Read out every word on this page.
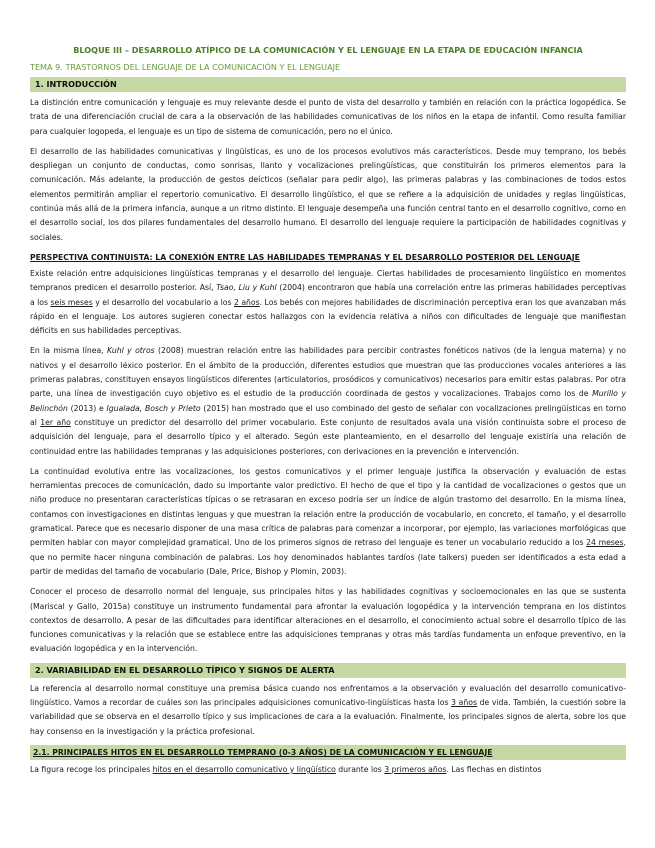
BLOQUE III – DESARROLLO ATÍPICO DE LA COMUNICACIÓN Y EL LENGUAJE EN LA ETAPA DE EDUCACIÓN INFANCIA
TEMA 9. TRASTORNOS DEL LENGUAJE DE LA COMUNICACIÓN Y EL LENGUAJE
1. INTRODUCCIÓN

La distinción entre comunicación y lenguaje es muy relevante desde el punto de vista del desarrollo y también en relación con la práctica logopédica. Se trata de una diferenciación crucial de cara a la observación de las habilidades comunicativas de los niños en la etapa de infantil. Como resulta familiar para cualquier logopeda, el lenguaje es un tipo de sistema de comunicación, pero no el único.

El desarrollo de las habilidades comunicativas y lingüísticas, es uno de los procesos evolutivos más característicos. Desde muy temprano, los bebés despliegan un conjunto de conductas, como sonrisas, llanto y vocalizaciones prelingüísticas, que constituirán los primeros elementos para la comunicación. Más adelante, la producción de gestos deícticos (señalar para pedir algo), las primeras palabras y las combinaciones de todos estos elementos permitirán ampliar el repertorio comunicativo. El desarrollo lingüístico, el que se refiere a la adquisición de unidades y reglas lingüísticas, continúa más allá de la primera infancia, aunque a un ritmo distinto. El lenguaje desempeña una función central tanto en el desarrollo cognitivo, como en el desarrollo social, los dos pilares fundamentales del desarrollo humano. El desarrollo del lenguaje requiere la participación de habilidades cognitivas y sociales.

PERSPECTIVA CONTINUISTA: LA CONEXIÓN ENTRE LAS HABILIDADES TEMPRANAS Y EL DESARROLLO POSTERIOR DEL LENGUAJE

Existe relación entre adquisiciones lingüísticas tempranas y el desarrollo del lenguaje. Ciertas habilidades de procesamiento lingüístico en momentos tempranos predicen el desarrollo posterior. Así, Tsao, Liu y Kuhl (2004) encontraron que había una correlación entre las primeras habilidades perceptivas a los seis meses y el desarrollo del vocabulario a los 2 años. Los bebés con mejores habilidades de discriminación perceptiva eran los que avanzaban más rápido en el lenguaje. Los autores sugieren conectar estos hallazgos con la evidencia relativa a niños con dificultades de lenguaje que manifiestan déficits en sus habilidades perceptivas.

En la misma línea, Kuhl y otros (2008) muestran relación entre las habilidades para percibir contrastes fonéticos nativos (de la lengua materna) y no nativos y el desarrollo léxico posterior. En el ámbito de la producción, diferentes estudios que muestran que las producciones vocales anteriores a las primeras palabras, constituyen ensayos lingüísticos diferentes (articulatorios, prosódicos y comunicativos) necesarios para emitir estas palabras. Por otra parte, una línea de investigación cuyo objetivo es el estudio de la producción coordinada de gestos y vocalizaciones. Trabajos como los de Murillo y Belinchón (2013) e Igualada, Bosch y Prieto (2015) han mostrado que el uso combinado del gesto de señalar con vocalizaciones prelingüísticas en torno al 1er año constituye un predictor del desarrollo del primer vocabulario. Este conjunto de resultados avala una visión continuista sobre el proceso de adquisición del lenguaje, para el desarrollo típico y el alterado. Según este planteamiento, en el desarrollo del lenguaje existiría una relación de continuidad entre las habilidades tempranas y las adquisiciones posteriores, con derivaciones en la prevención e intervención.

La continuidad evolutiva entre las vocalizaciones, los gestos comunicativos y el primer lenguaje justifica la observación y evaluación de estas herramientas precoces de comunicación, dado su importante valor predictivo. El hecho de que el tipo y la cantidad de vocalizaciones o gestos que un niño produce no presentaran características típicas o se retrasaran en exceso podría ser un índice de algún trastorno del desarrollo. En la misma línea, contamos con investigaciones en distintas lenguas y que muestran la relación entre la producción de vocabulario, en concreto, el tamaño, y el desarrollo gramatical. Parece que es necesario disponer de una masa crítica de palabras para comenzar a incorporar, por ejemplo, las variaciones morfológicas que permiten hablar con mayor complejidad gramatical. Uno de los primeros signos de retraso del lenguaje es tener un vocabulario reducido a los 24 meses, que no permite hacer ninguna combinación de palabras. Los hoy denominados hablantes tardíos (late talkers) pueden ser identificados a esta edad a partir de medidas del tamaño de vocabulario (Dale, Price, Bishop y Plomin, 2003).

Conocer el proceso de desarrollo normal del lenguaje, sus principales hitos y las habilidades cognitivas y socioemocionales en las que se sustenta (Mariscal y Gallo, 2015a) constituye un instrumento fundamental para afrontar la evaluación logopédica y la intervención temprana en los distintos contextos de desarrollo. A pesar de las dificultades para identificar alteraciones en el desarrollo, el conocimiento actual sobre el desarrollo típico de las funciones comunicativas y la relación que se establece entre las adquisiciones tempranas y otras más tardías fundamenta un enfoque preventivo, en la evaluación logopédica y en la intervención.

2. VARIABILIDAD EN EL DESARROLLO TÍPICO Y SIGNOS DE ALERTA

La referencia al desarrollo normal constituye una premisa básica cuando nos enfrentamos a la observación y evaluación del desarrollo comunicativo-lingüístico. Vamos a recordar de cuáles son las principales adquisiciones comunicativo-lingüísticas hasta los 3 años de vida. También, la cuestión sobre la variabilidad que se observa en el desarrollo típico y sus implicaciones de cara a la evaluación. Finalmente, los principales signos de alerta, sobre los que hay consenso en la investigación y la práctica profesional.

2.1. PRINCIPALES HITOS EN EL DESARROLLO TEMPRANO (0-3 AÑOS) DE LA COMUNICACIÓN Y EL LENGUAJE

La figura recoge los principales hitos en el desarrollo comunicativo y lingüístico durante los 3 primeros años. Las flechas en distintos
